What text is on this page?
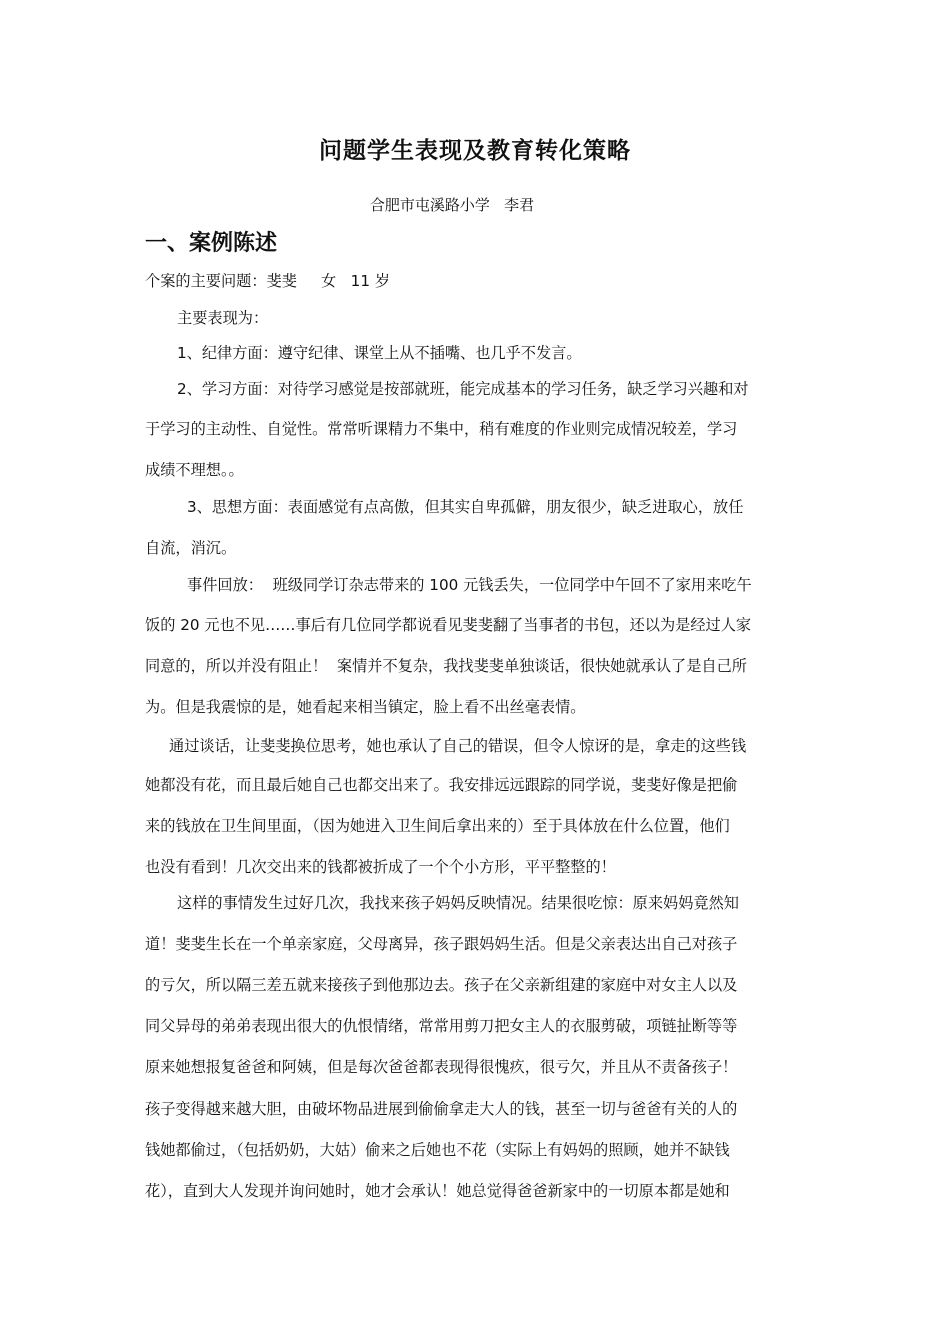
问题学生表现及教育转化策略
合肥市屯溪路小学   李君
一、案例陈述
个案的主要问题：斐斐     女   11 岁
主要表现为：
1、纪律方面：遵守纪律、课堂上从不插嘴、也几乎不发言。
2、学习方面：对待学习感觉是按部就班，能完成基本的学习任务，缺乏学习兴趣和对
于学习的主动性、自觉性。常常听课精力不集中，稍有难度的作业则完成情况较差，学习
成绩不理想。。
3、思想方面：表面感觉有点高傲，但其实自卑孤僻，朋友很少，缺乏进取心，放任
自流，消沉。
事件回放：  班级同学订杂志带来的 100 元钱丢失，一位同学中午回不了家用来吃午
饭的 20 元也不见……事后有几位同学都说看见斐斐翻了当事者的书包，还以为是经过人家
同意的，所以并没有阻止！  案情并不复杂，我找斐斐单独谈话，很快她就承认了是自己所
为。但是我震惊的是，她看起来相当镇定，脸上看不出丝毫表情。
通过谈话，让斐斐换位思考，她也承认了自己的错误，但令人惊讶的是，拿走的这些钱
她都没有花，而且最后她自己也都交出来了。我安排远远跟踪的同学说，斐斐好像是把偷
来的钱放在卫生间里面，（因为她进入卫生间后拿出来的）至于具体放在什么位置，他们
也没有看到！几次交出来的钱都被折成了一个个小方形，平平整整的！
这样的事情发生过好几次，我找来孩子妈妈反映情况。结果很吃惊：原来妈妈竟然知
道！斐斐生长在一个单亲家庭，父母离异，孩子跟妈妈生活。但是父亲表达出自己对孩子
的亏欠，所以隔三差五就来接孩子到他那边去。孩子在父亲新组建的家庭中对女主人以及
同父异母的弟弟表现出很大的仇恨情绪，常常用剪刀把女主人的衣服剪破，项链扯断等等
原来她想报复爸爸和阿姨，但是每次爸爸都表现得很愧疚，很亏欠，并且从不责备孩子！
孩子变得越来越大胆，由破坏物品进展到偷偷拿走大人的钱，甚至一切与爸爸有关的人的
钱她都偷过，（包括奶奶，大姑）偷来之后她也不花（实际上有妈妈的照顾，她并不缺钱
花），直到大人发现并询问她时，她才会承认！她总觉得爸爸新家中的一切原本都是她和
